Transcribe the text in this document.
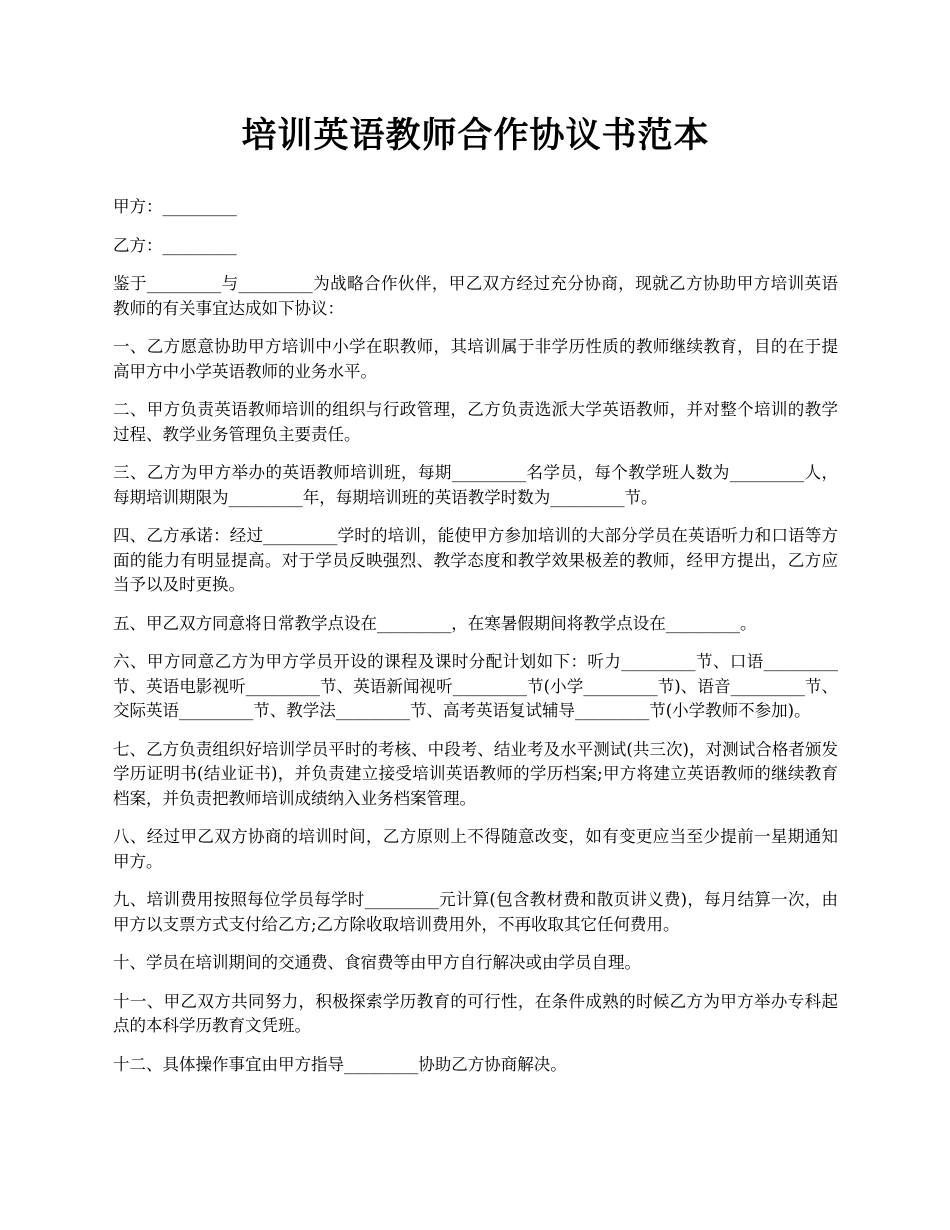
培训英语教师合作协议书范本

甲方：_________

乙方：_________

鉴于_________与_________为战略合作伙伴，甲乙双方经过充分协商，现就乙方协助甲方培训英语教师的有关事宜达成如下协议：

一、乙方愿意协助甲方培训中小学在职教师，其培训属于非学历性质的教师继续教育，目的在于提高甲方中小学英语教师的业务水平。

二、甲方负责英语教师培训的组织与行政管理，乙方负责选派大学英语教师，并对整个培训的教学过程、教学业务管理负主要责任。

三、乙方为甲方举办的英语教师培训班，每期_________名学员，每个教学班人数为_________人，每期培训期限为_________年，每期培训班的英语教学时数为_________节。

四、乙方承诺：经过_________学时的培训，能使甲方参加培训的大部分学员在英语听力和口语等方面的能力有明显提高。对于学员反映强烈、教学态度和教学效果极差的教师，经甲方提出，乙方应当予以及时更换。

五、甲乙双方同意将日常教学点设在_________，在寒暑假期间将教学点设在_________。

六、甲方同意乙方为甲方学员开设的课程及课时分配计划如下：听力_________节、口语_________节、英语电影视听_________节、英语新闻视听_________节(小学_________节)、语音_________节、交际英语_________节、教学法_________节、高考英语复试辅导_________节(小学教师不参加)。

七、乙方负责组织好培训学员平时的考核、中段考、结业考及水平测试(共三次)，对测试合格者颁发学历证明书(结业证书)，并负责建立接受培训英语教师的学历档案;甲方将建立英语教师的继续教育档案，并负责把教师培训成绩纳入业务档案管理。

八、经过甲乙双方协商的培训时间，乙方原则上不得随意改变，如有变更应当至少提前一星期通知甲方。

九、培训费用按照每位学员每学时_________元计算(包含教材费和散页讲义费)，每月结算一次，由甲方以支票方式支付给乙方;乙方除收取培训费用外，不再收取其它任何费用。

十、学员在培训期间的交通费、食宿费等由甲方自行解决或由学员自理。

十一、甲乙双方共同努力，积极探索学历教育的可行性，在条件成熟的时候乙方为甲方举办专科起点的本科学历教育文凭班。

十二、具体操作事宜由甲方指导_________协助乙方协商解决。
